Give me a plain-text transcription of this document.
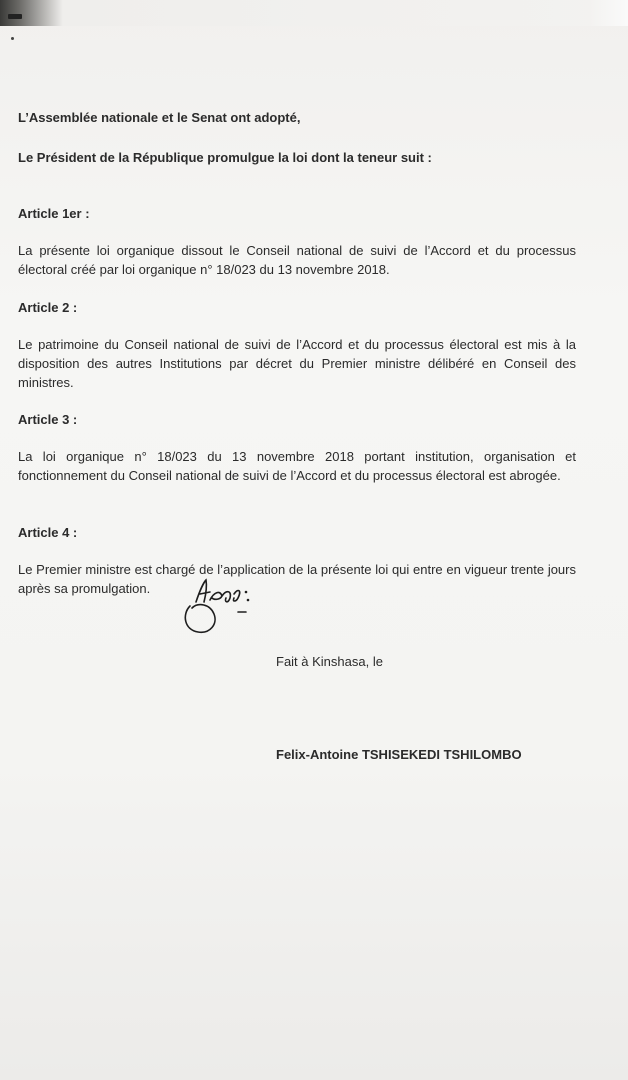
L’Assemblée nationale et le Senat ont adopté,

Le Président de la République promulgue la loi dont la teneur suit :

Article 1er :

La présente loi organique dissout le Conseil national de suivi de l’Accord et du processus électoral créé par loi organique n° 18/023 du 13 novembre 2018.

Article 2 :

Le patrimoine du Conseil national de suivi de l’Accord et du processus électoral est mis à la disposition des autres Institutions par décret du Premier ministre délibéré en Conseil des ministres.

Article 3 :

La loi organique n° 18/023 du 13 novembre 2018 portant institution, organisation et fonctionnement du Conseil national de suivi de l’Accord et du processus électoral est abrogée.

Article 4 :

Le Premier ministre est chargé de l’application de la présente loi qui entre en vigueur trente jours après sa promulgation.

Fait à Kinshasa, le
Felix-Antoine TSHISEKEDI TSHILOMBO
